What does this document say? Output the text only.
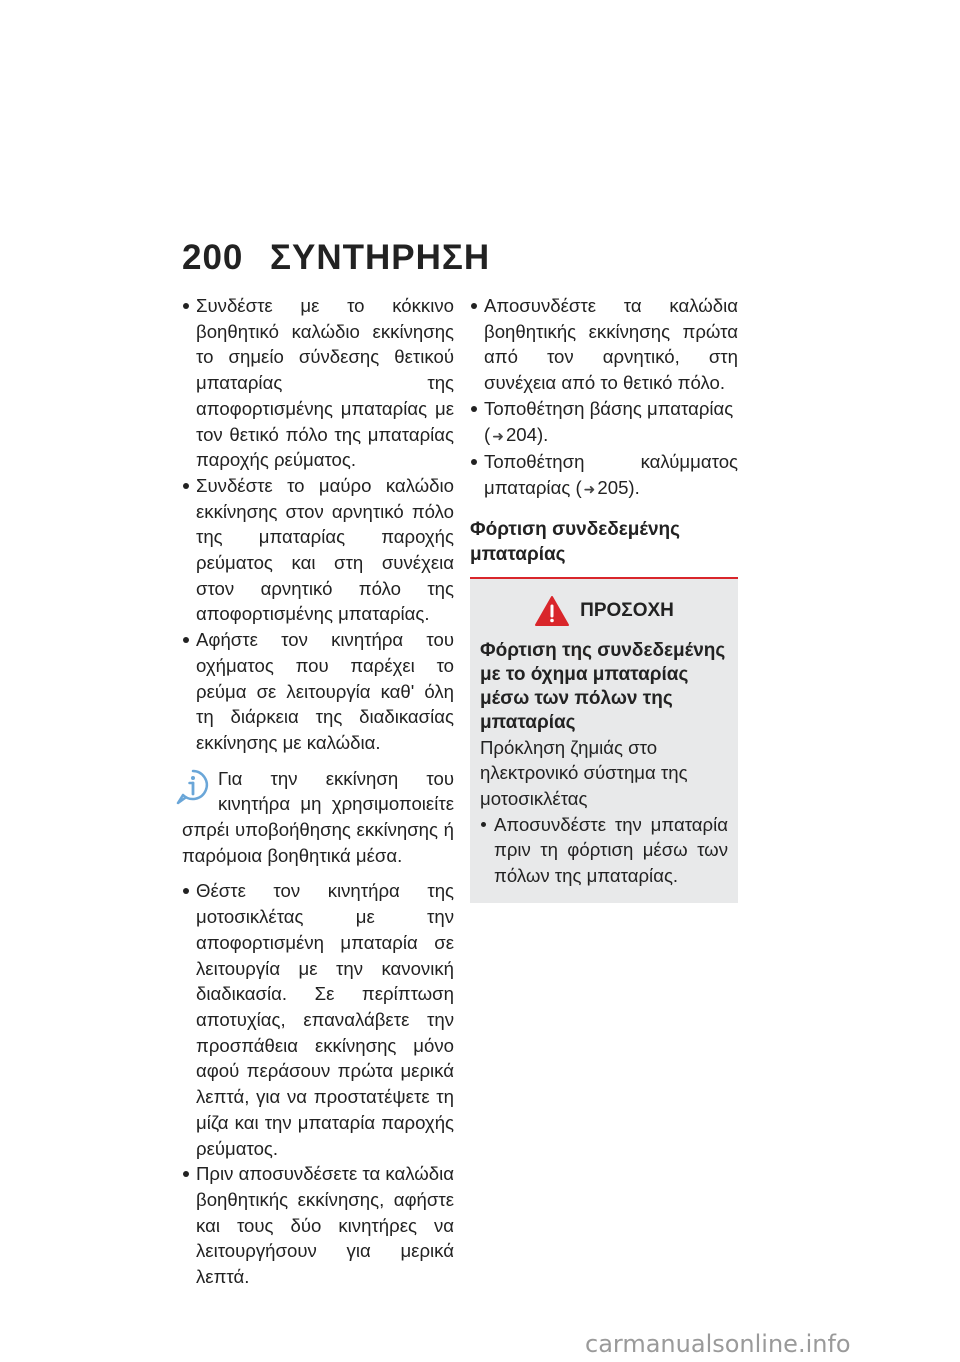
200 ΣΥΝΤΗΡΗΣΗ
Συνδέστε με το κόκκινο βοηθητικό καλώδιο εκκίνησης το σημείο σύνδεσης θετικού μπαταρίας της αποφορτισμένης μπαταρίας με τον θετικό πόλο της μπαταρίας παροχής ρεύματος.
Συνδέστε το μαύρο καλώδιο εκκίνησης στον αρνητικό πόλο της μπαταρίας παροχής ρεύματος και στη συνέχεια στον αρνητικό πόλο της αποφορτισμένης μπαταρίας.
Αφήστε τον κινητήρα του οχήματος που παρέχει το ρεύμα σε λειτουργία καθ' όλη τη διάρκεια της διαδικασίας εκκίνησης με καλώδια.

Για την εκκίνηση του κινητήρα μη χρησιμοποιείτε σπρέι υποβοήθησης εκκίνησης ή παρόμοια βοηθητικά μέσα.

Θέστε τον κινητήρα της μοτοσικλέτας με την αποφορτισμένη μπαταρία σε λειτουργία με την κανονική διαδικασία. Σε περίπτωση αποτυχίας, επαναλάβετε την προσπάθεια εκκίνησης μόνο αφού περάσουν πρώτα μερικά λεπτά, για να προστατέψετε τη μίζα και την μπαταρία παροχής ρεύματος.
Πριν αποσυνδέσετε τα καλώδια βοηθητικής εκκίνησης, αφήστε και τους δύο κινητήρες να λειτουργήσουν για μερικά λεπτά.
Αποσυνδέστε τα καλώδια βοηθητικής εκκίνησης πρώτα από τον αρνητικό, στη συνέχεια από το θετικό πόλο.
Τοποθέτηση βάσης μπαταρίας
( ➜ 204).
Τοποθέτηση καλύμματος μπαταρίας ( ➜ 205).
Φόρτιση συνδεδεμένης μπαταρίας
ΠΡΟΣΟΧΗ
Φόρτιση της συνδεδεμένης με το όχημα μπαταρίας μέσω των πόλων της μπαταρίας
Πρόκληση ζημιάς στο ηλεκτρονικό σύστημα της μοτοσικλέτας
Αποσυνδέστε την μπαταρία πριν τη φόρτιση μέσω των πόλων της μπαταρίας.
carmanualsonline.info
